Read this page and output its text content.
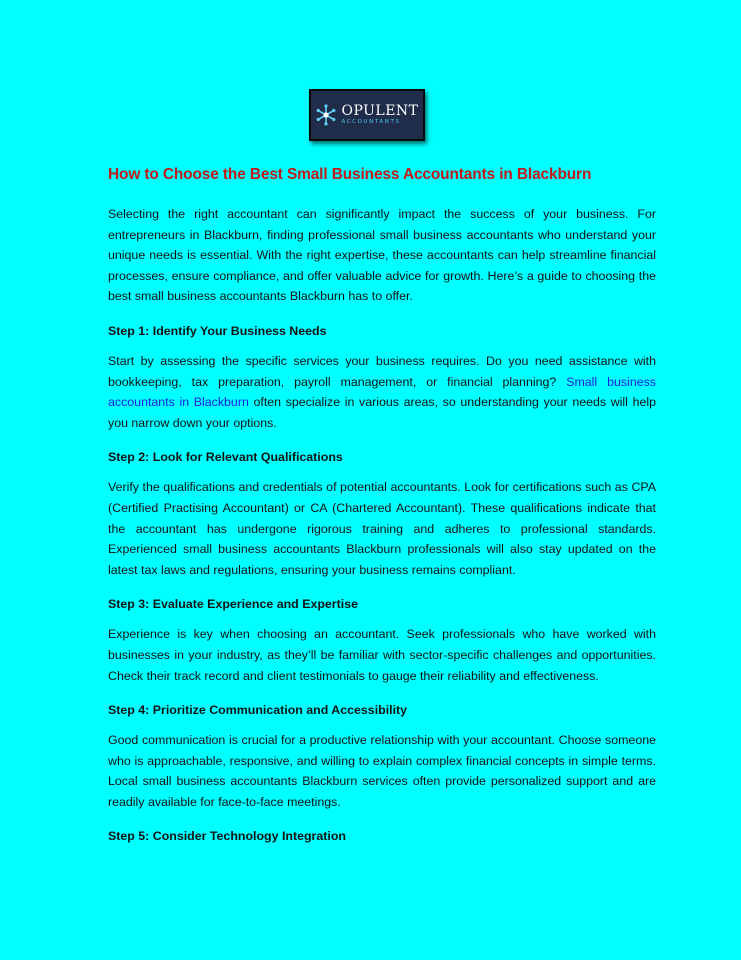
OPULENT
ACCOUNTANTS
How to Choose the Best Small Business Accountants in Blackburn

Selecting the right accountant can significantly impact the success of your business. For entrepreneurs in Blackburn, finding professional small business accountants who understand your unique needs is essential. With the right expertise, these accountants can help streamline financial processes, ensure compliance, and offer valuable advice for growth. Here’s a guide to choosing the best small business accountants Blackburn has to offer.

Step 1: Identify Your Business Needs

Start by assessing the specific services your business requires. Do you need assistance with bookkeeping, tax preparation, payroll management, or financial planning? Small business accountants in Blackburn often specialize in various areas, so understanding your needs will help you narrow down your options.

Step 2: Look for Relevant Qualifications

Verify the qualifications and credentials of potential accountants. Look for certifications such as CPA (Certified Practising Accountant) or CA (Chartered Accountant). These qualifications indicate that the accountant has undergone rigorous training and adheres to professional standards. Experienced small business accountants Blackburn professionals will also stay updated on the latest tax laws and regulations, ensuring your business remains compliant.

Step 3: Evaluate Experience and Expertise

Experience is key when choosing an accountant. Seek professionals who have worked with businesses in your industry, as they’ll be familiar with sector-specific challenges and opportunities. Check their track record and client testimonials to gauge their reliability and effectiveness.

Step 4: Prioritize Communication and Accessibility

Good communication is crucial for a productive relationship with your accountant. Choose someone who is approachable, responsive, and willing to explain complex financial concepts in simple terms. Local small business accountants Blackburn services often provide personalized support and are readily available for face-to-face meetings.

Step 5: Consider Technology Integration
